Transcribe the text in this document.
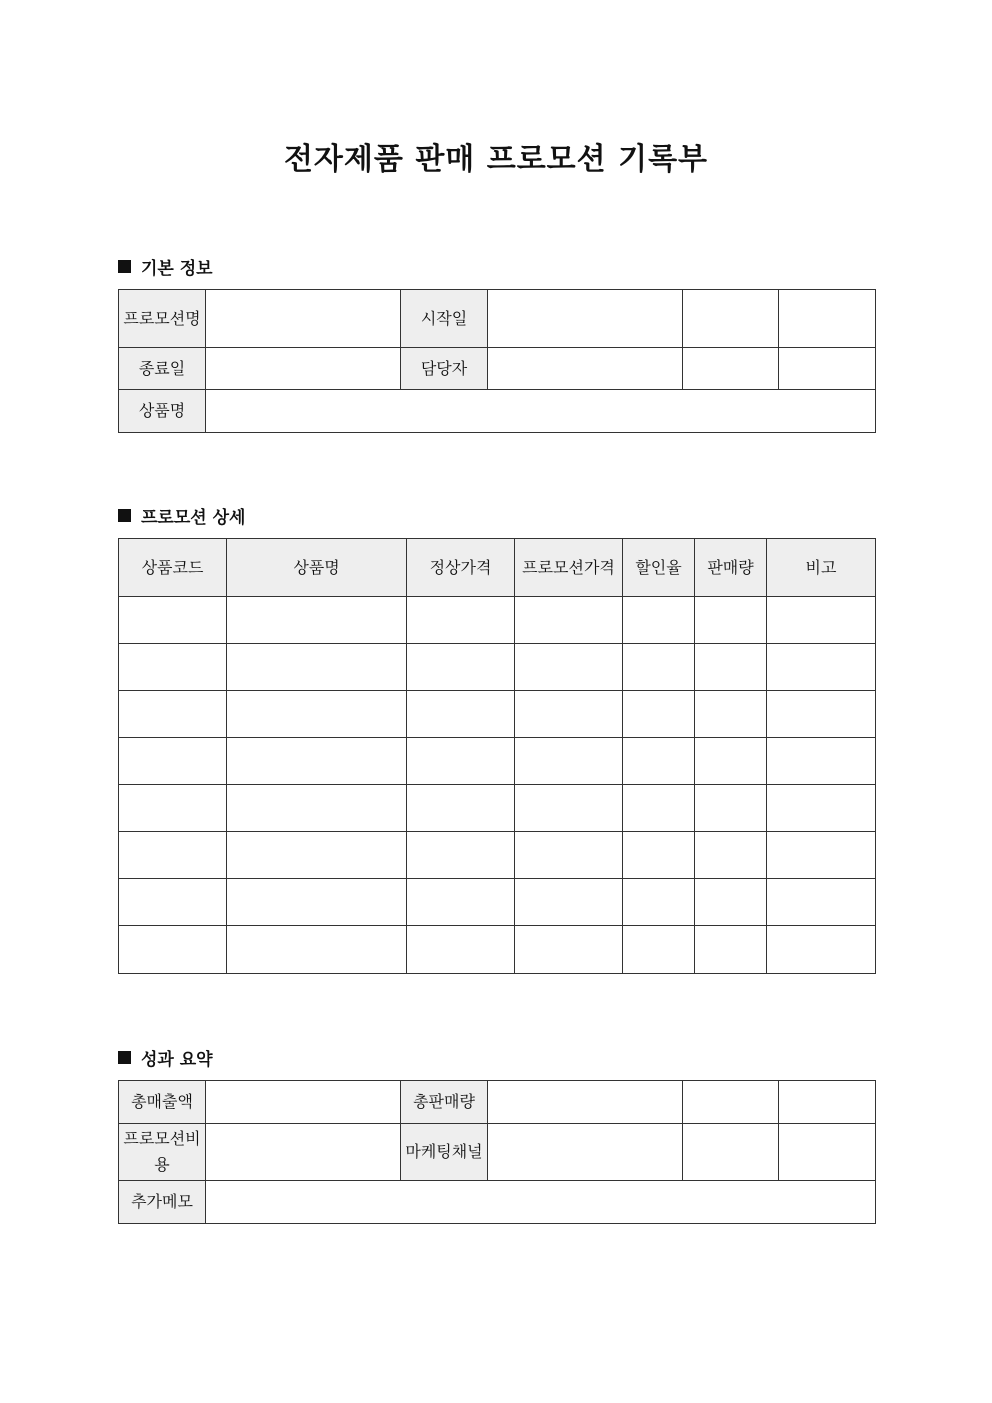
전자제품 판매 프로모션 기록부
기본 정보
프로모션명		시작일			
종료일		담당자			
상품명					
프로모션 상세
상품코드	상품명	정상가격	프로모션가격	할인율	판매량	비고

성과 요약
총매출액		총판매량			
프로모션비용		마케팅채널			
추가메모					
